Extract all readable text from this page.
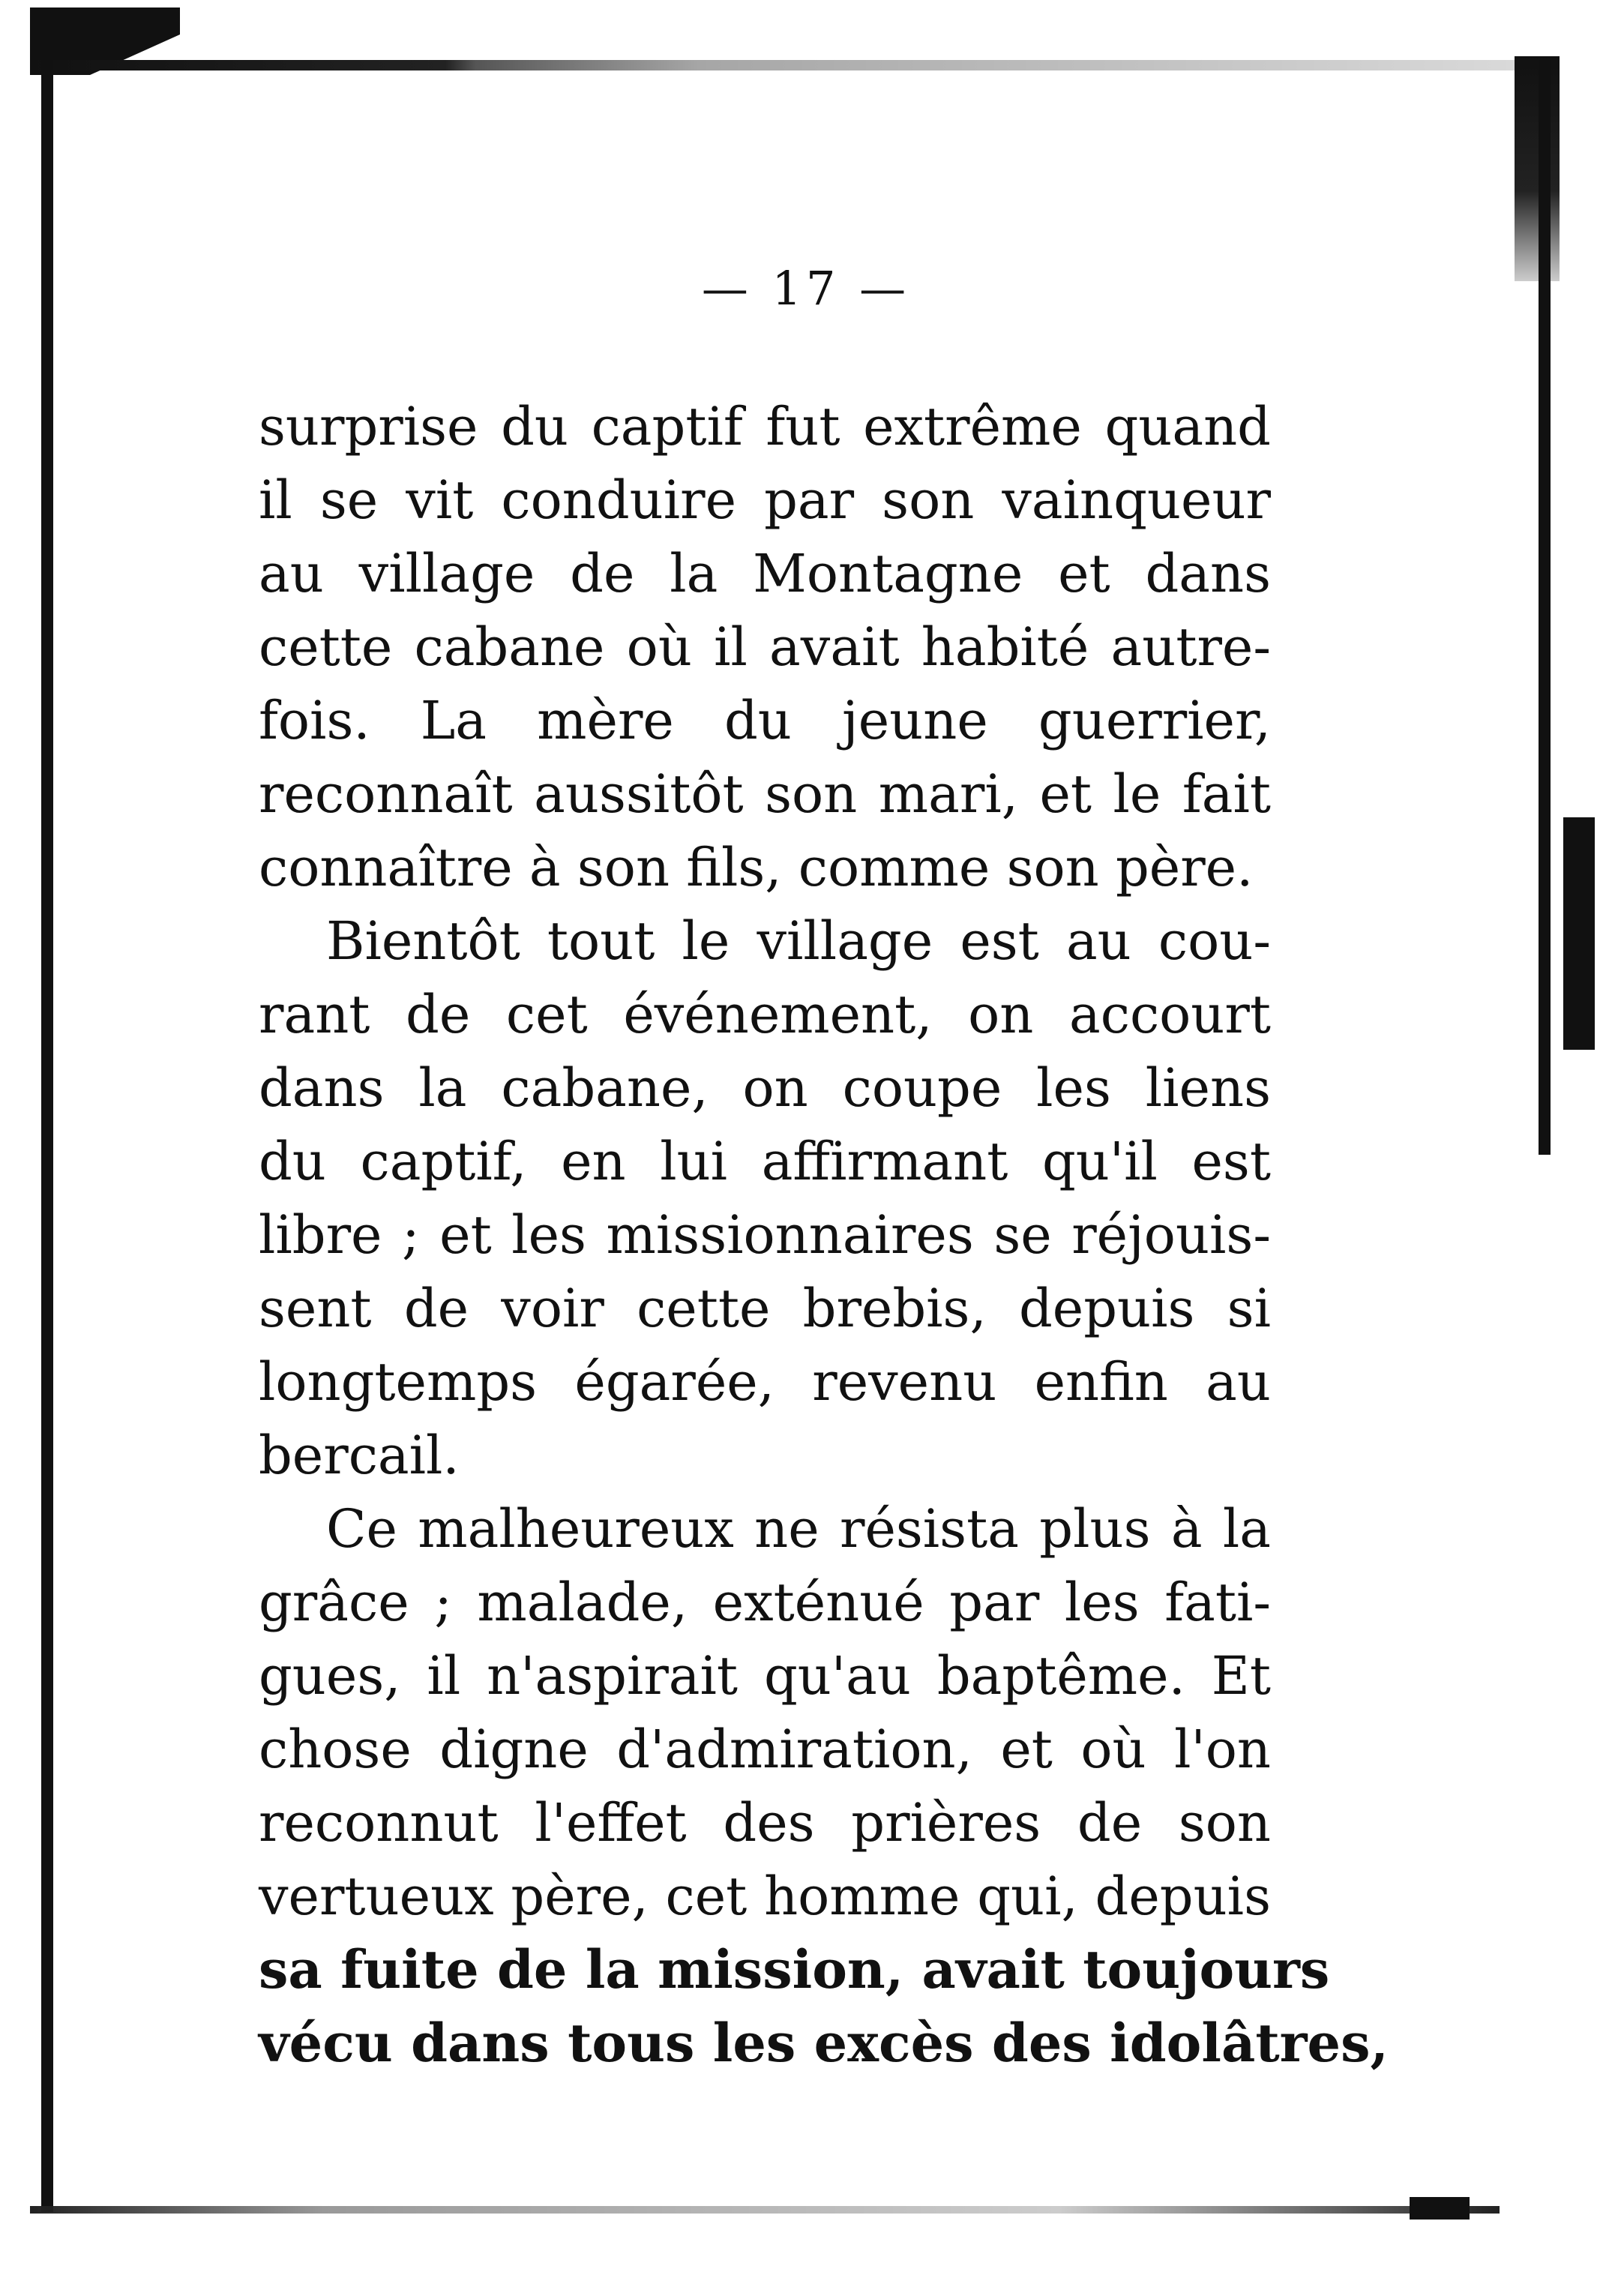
— 17 —
surprise du captif fut extrême quand
il se vit conduire par son vainqueur
au village de la Montagne et dans
cette cabane où il avait habité autre-
fois. La mère du jeune guerrier,
reconnaît aussitôt son mari, et le fait
connaître à son fils, comme son père.
Bientôt tout le village est au cou-
rant de cet événement, on accourt
dans la cabane, on coupe les liens
du captif, en lui affirmant qu'il est
libre ; et les missionnaires se réjouis-
sent de voir cette brebis, depuis si
longtemps égarée, revenu enfin au
bercail.
Ce malheureux ne résista plus à la
grâce ; malade, exténué par les fati-
gues, il n'aspirait qu'au baptême. Et
chose digne d'admiration, et où l'on
reconnut l'effet des prières de son
vertueux père, cet homme qui, depuis
sa fuite de la mission, avait toujours
vécu dans tous les excès des idolâtres,
